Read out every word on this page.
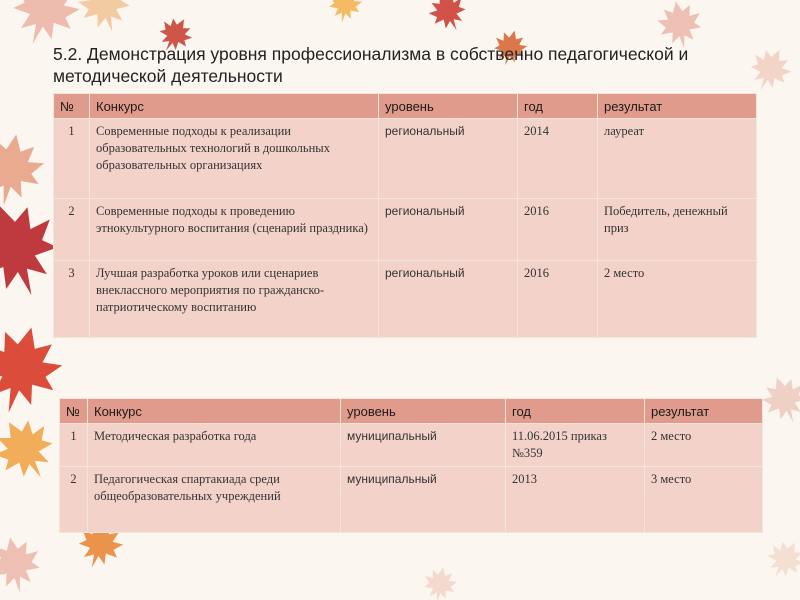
5.2. Демонстрация уровня профессионализма в собственно педагогической и методической деятельности
№	Конкурс	уровень	год	результат
1	Современные подходы к реализации образовательных технологий в дошкольных образовательных организациях	региональный	2014	лауреат
2	Современные подходы к проведению этнокультурного воспитания (сценарий праздника)	региональный	2016	Победитель, денежный приз
3	Лучшая разработка уроков или сценариев внеклассного мероприятия по гражданско-патриотическому воспитанию	региональный	2016	2 место
№	Конкурс	уровень	год	результат
1	Методическая разработка года	муниципальный	11.06.2015 приказ №359	2 место
2	Педагогическая спартакиада среди общеобразовательных учреждений	муниципальный	2013	3 место
